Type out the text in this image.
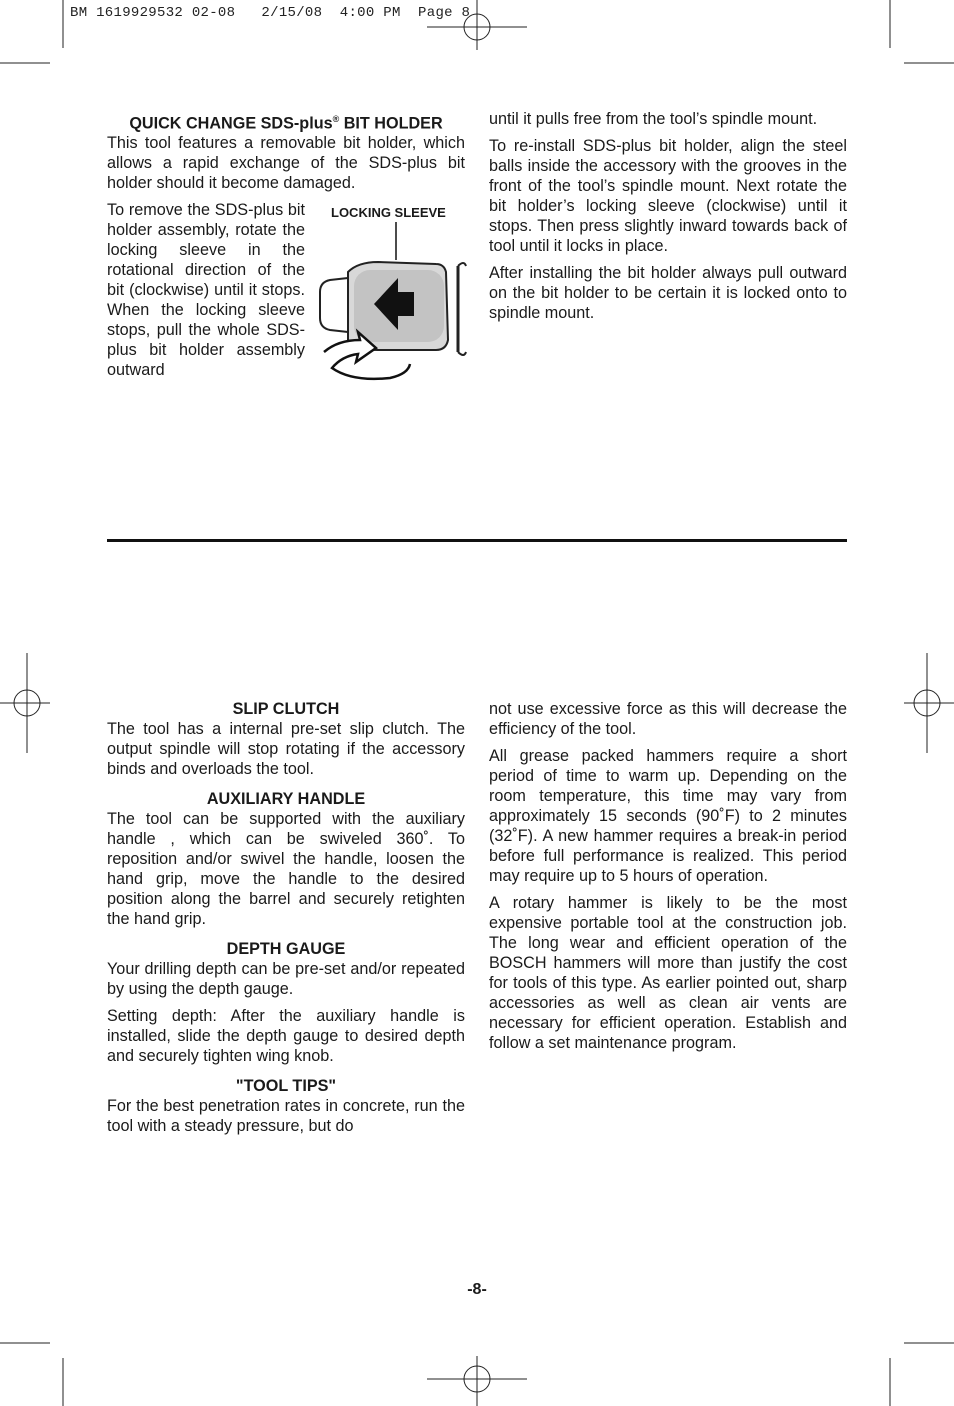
BM 1619929532 02-08   2/15/08  4:00 PM  Page 8
QUICK CHANGE SDS-plus® BIT HOLDER

This tool features a removable bit holder, which allows a rapid exchange of the SDS-plus bit holder should it become damaged.

To remove the SDS-plus bit holder assembly, rotate the locking sleeve in the rotational direction of the bit (clockwise) until it stops. When the locking sleeve stops, pull the whole SDS-plus bit holder assembly outward

LOCKING SLEEVE

until it pulls free from the tool’s spindle mount.

To re-install SDS-plus bit holder, align the steel balls inside the accessory with the grooves in the front of the tool’s spindle mount. Next rotate the bit holder’s locking sleeve (clockwise) until it stops. Then press slightly inward towards back of tool until it locks in place.

After installing the bit holder always pull outward on the bit holder to be certain it is locked onto to spindle mount.

SLIP CLUTCH

The tool has a internal pre-set slip clutch. The output spindle will stop rotating if the accessory binds and overloads the tool.

AUXILIARY HANDLE

The tool can be supported with the auxiliary handle , which can be swiveled 360˚. To reposition and/or swivel the handle, loosen the hand grip, move the handle to the desired position along the barrel and securely retighten the hand grip.

DEPTH GAUGE

Your drilling depth can be pre-set and/or repeated by using the depth gauge.

Setting depth: After the auxiliary handle is installed, slide the depth gauge to desired depth and securely tighten wing knob.

"TOOL TIPS"

For the best penetration rates in concrete, run the tool with a steady pressure, but do

not use excessive force as this will decrease the efficiency of the tool.

All grease packed hammers require a short period of time to warm up. Depending on the room temperature, this time may vary from approximately 15 seconds (90˚F) to 2 minutes (32˚F). A new hammer requires a break-in period before full performance is realized. This period may require up to 5 hours of operation.

A rotary hammer is likely to be the most expensive portable tool at the construction job. The long wear and efficient operation of the BOSCH hammers will more than justify the cost for tools of this type. As earlier pointed out, sharp accessories as well as clean air vents are necessary for efficient operation. Establish and follow a set maintenance program.

-8-
